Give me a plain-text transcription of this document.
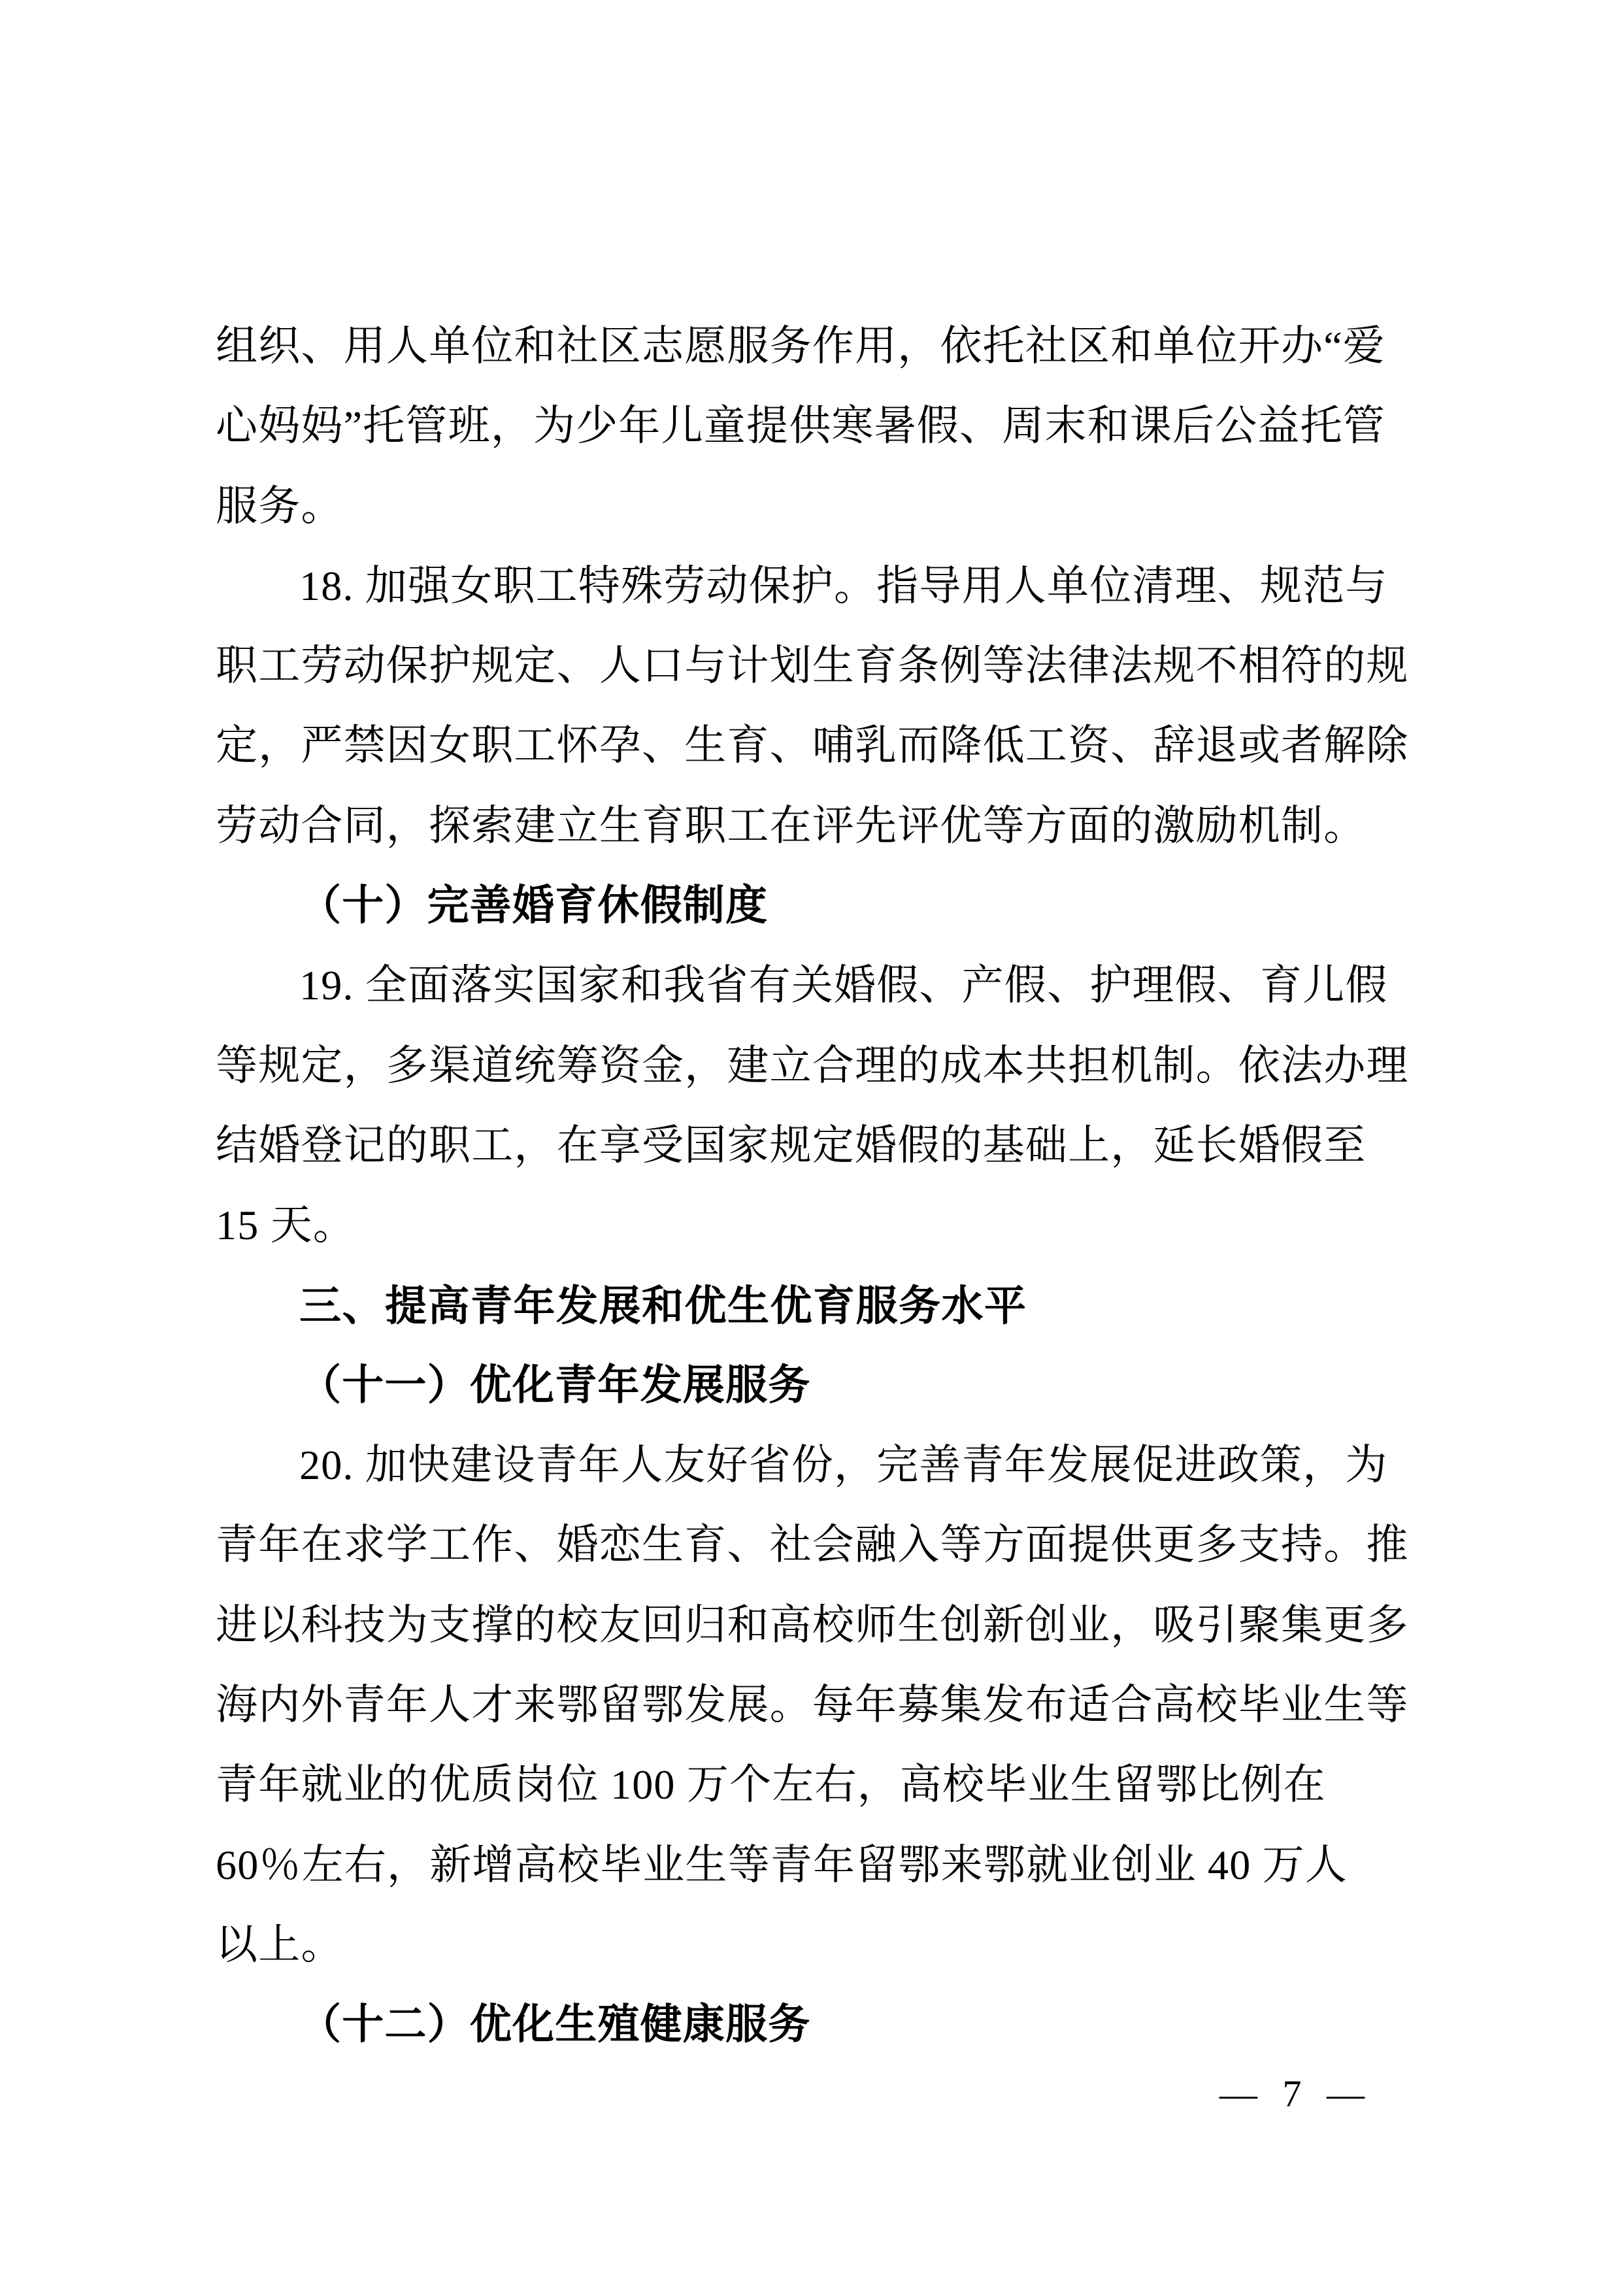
组织、用人单位和社区志愿服务作用，依托社区和单位开办“爱
心妈妈”托管班，为少年儿童提供寒暑假、周末和课后公益托管
服务。
18. 加强女职工特殊劳动保护。指导用人单位清理、规范与
职工劳动保护规定、人口与计划生育条例等法律法规不相符的规
定，严禁因女职工怀孕、生育、哺乳而降低工资、辞退或者解除
劳动合同，探索建立生育职工在评先评优等方面的激励机制。
（十）完善婚育休假制度
19. 全面落实国家和我省有关婚假、产假、护理假、育儿假
等规定，多渠道统筹资金，建立合理的成本共担机制。依法办理
结婚登记的职工，在享受国家规定婚假的基础上，延长婚假至
15 天。
三、提高青年发展和优生优育服务水平
（十一）优化青年发展服务
20. 加快建设青年人友好省份，完善青年发展促进政策，为
青年在求学工作、婚恋生育、社会融入等方面提供更多支持。推
进以科技为支撑的校友回归和高校师生创新创业，吸引聚集更多
海内外青年人才来鄂留鄂发展。每年募集发布适合高校毕业生等
青年就业的优质岗位 100 万个左右，高校毕业生留鄂比例在
60％左右，新增高校毕业生等青年留鄂来鄂就业创业 40 万人
以上。
（十二）优化生殖健康服务
— 7 —
